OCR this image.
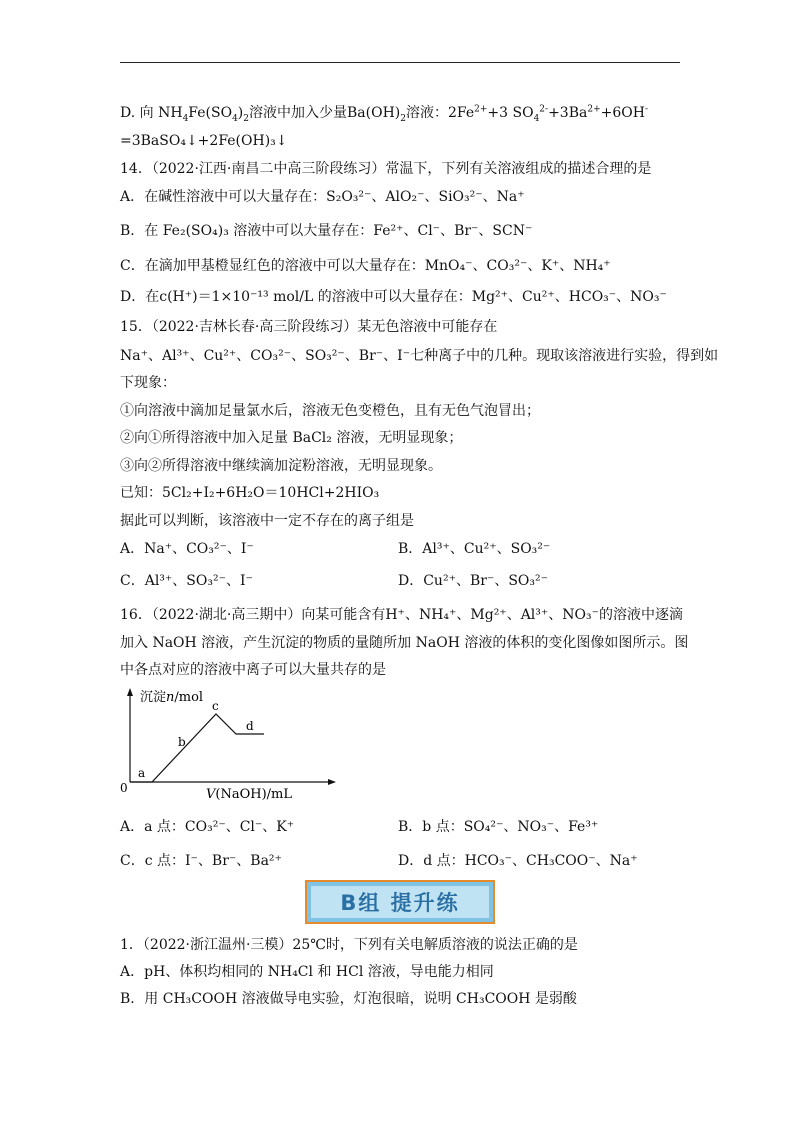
D. 向 $NH_4Fe(SO_4)_2$溶液中加入少量$Ba(OH)_2$溶液：$2Fe^{2+}+3$ $SO_4^{2-}+3Ba^{2+}+6OH^-$
=3BaSO₄↓+2Fe(OH)₃↓
14．（2022·江西·南昌二中高三阶段练习）常温下，下列有关溶液组成的描述合理的是
A．在碱性溶液中可以大量存在：S₂O₃²⁻、AlO₂⁻、SiO₃²⁻、Na⁺
B．在 Fe₂(SO₄)₃ 溶液中可以大量存在：Fe²⁺、Cl⁻、Br⁻、SCN⁻
C．在滴加甲基橙显红色的溶液中可以大量存在：MnO₄⁻、CO₃²⁻、K⁺、NH₄⁺
D．在c(H⁺)＝1×10⁻¹³ mol/L 的溶液中可以大量存在：Mg²⁺、Cu²⁺、HCO₃⁻、NO₃⁻
15．（2022·吉林长春·高三阶段练习）某无色溶液中可能存在
Na⁺、Al³⁺、Cu²⁺、CO₃²⁻、SO₃²⁻、Br⁻、I⁻七种离子中的几种。现取该溶液进行实验，得到如
下现象：
①向溶液中滴加足量氯水后，溶液无色变橙色，且有无色气泡冒出；
②向①所得溶液中加入足量 BaCl₂ 溶液，无明显现象；
③向②所得溶液中继续滴加淀粉溶液，无明显现象。
已知：5Cl₂+I₂+6H₂O＝10HCl+2HIO₃
据此可以判断，该溶液中一定不存在的离子组是
A．Na⁺、CO₃²⁻、I⁻	B．Al³⁺、Cu²⁺、SO₃²⁻
C．Al³⁺、SO₃²⁻、I⁻	D．Cu²⁺、Br⁻、SO₃²⁻
16．（2022·湖北·高三期中）向某可能含有H⁺、NH₄⁺、Mg²⁺、Al³⁺、NO₃⁻的溶液中逐滴
加入 NaOH 溶液，产生沉淀的物质的量随所加 NaOH 溶液的体积的变化图像如图所示。图
中各点对应的溶液中离子可以大量共存的是
沉淀n/mol
V(NaOH)/mL
0
a
b
c
d
A．a 点：CO₃²⁻、Cl⁻、K⁺	B．b 点：SO₄²⁻、NO₃⁻、Fe³⁺
C．c 点：I⁻、Br⁻、Ba²⁺	D．d 点：HCO₃⁻、CH₃COO⁻、Na⁺
B组 提升练
1．（2022·浙江温州·三模）25℃时，下列有关电解质溶液的说法正确的是
A．pH、体积均相同的 NH₄Cl 和 HCl 溶液，导电能力相同
B．用 CH₃COOH 溶液做导电实验，灯泡很暗，说明 CH₃COOH 是弱酸
